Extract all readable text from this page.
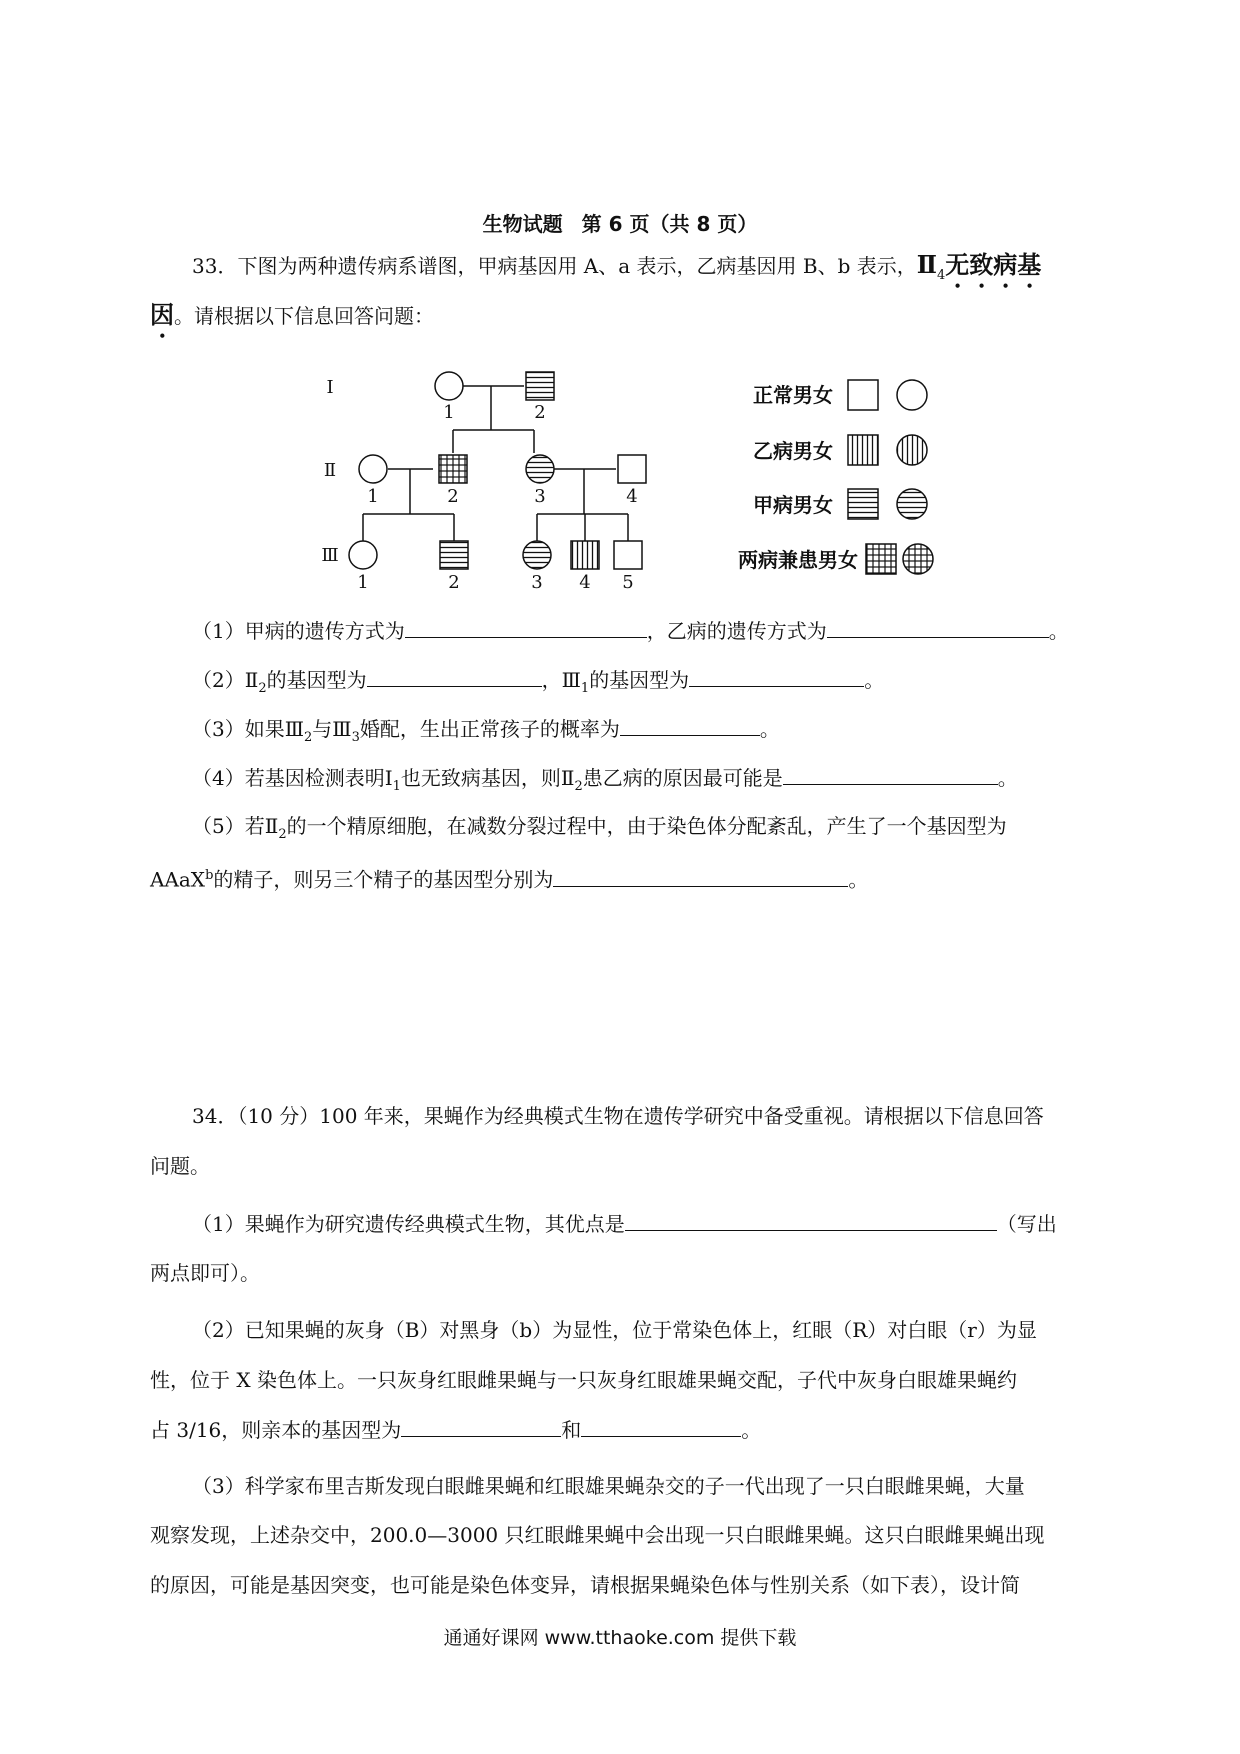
生物试题 第 6 页（共 8 页）
33．下图为两种遗传病系谱图，甲病基因用 A、a 表示，乙病基因用 B、b 表示，$Ⅱ_4$无致病基
因。请根据以下信息回答问题：
Ⅰ
Ⅱ
Ⅲ
1	2
1	2	3	4
1	2	3 4 5
正常男女
乙病男女
甲病男女
两病兼患男女
（1）甲病的遗传方式为	，乙病的遗传方式为	。
$(2)Ⅱ_2$的基因型为	，$Ⅲ_1$的基因型为	。
（3）如果$Ⅲ_2$与$Ⅲ_3$婚配，生出正常孩子的概率为	。
（4）若基因检测表明$Ⅰ_1$也无致病基因，则$Ⅱ_2$患乙病的原因最可能是	。
（5）若$Ⅱ_2$的一个精原细胞，在减数分裂过程中，由于染色体分配紊乱，产生了一个基因型为
AAaX$^b$的精子，则另三个精子的基因型分别为	。
34．（10 分）100 年来，果蝇作为经典模式生物在遗传学研究中备受重视。请根据以下信息回答
问题。
（1）果蝇作为研究遗传经典模式生物，其优点是	（写出
两点即可）。
（2）已知果蝇的灰身（B）对黑身（b）为显性，位于常染色体上，红眼（R）对白眼（r）为显
性，位于 X 染色体上。一只灰身红眼雌果蝇与一只灰身红眼雄果蝇交配，子代中灰身白眼雄果蝇约
占 3/16，则亲本的基因型为	和	。
（3）科学家布里吉斯发现白眼雌果蝇和红眼雄果蝇杂交的子一代出现了一只白眼雌果蝇，大量
观察发现，上述杂交中，200.0—3000 只红眼雌果蝇中会出现一只白眼雌果蝇。这只白眼雌果蝇出现
的原因，可能是基因突变，也可能是染色体变异，请根据果蝇染色体与性别关系（如下表），设计简
通通好课网 www.tthaoke.com 提供下载
